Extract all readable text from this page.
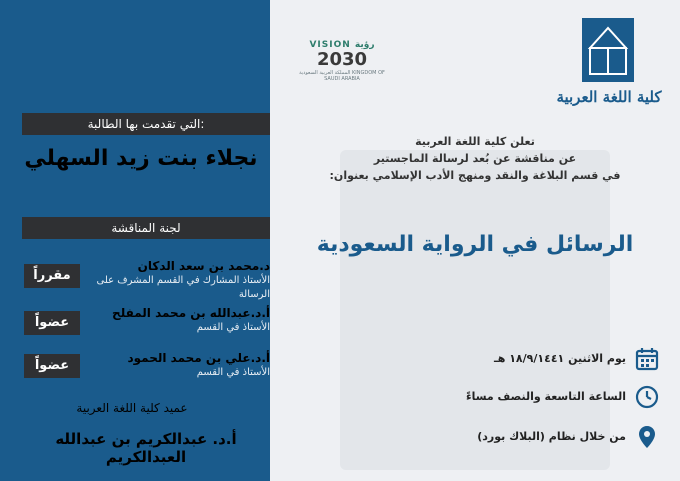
التي تقدمت بها الطالبة:
نجلاء بنت زيد السهلي
لجنة المناقشة
د.محمد بن سعد الدكان
الأستاذ المشارك في القسم المشرف على الرسالة
مقرراً
أ.د.عبدالله بن محمد المفلح
الأستاذ في القسم
عضواً
أ.د.علي بن محمد الحمود
الأستاذ في القسم
عضواً
عميد كلية اللغة العربية
أ.د. عبدالكريم بن عبدالله العبدالكريم
VISION رؤية
2030
المملكة العربية السعودية KINGDOM OF SAUDI ARABIA
كلية اللغة العربية
تعلن كلية اللغة العربية
عن مناقشة عن بُعد لرسالة الماجستير
في قسم البلاغة والنقد ومنهج الأدب الإسلامي بعنوان:
الرسائل في الرواية السعودية
يوم الاثنين ١٨/٩/١٤٤١ هـ
الساعة التاسعة والنصف مساءً
من خلال نظام (البلاك بورد)
